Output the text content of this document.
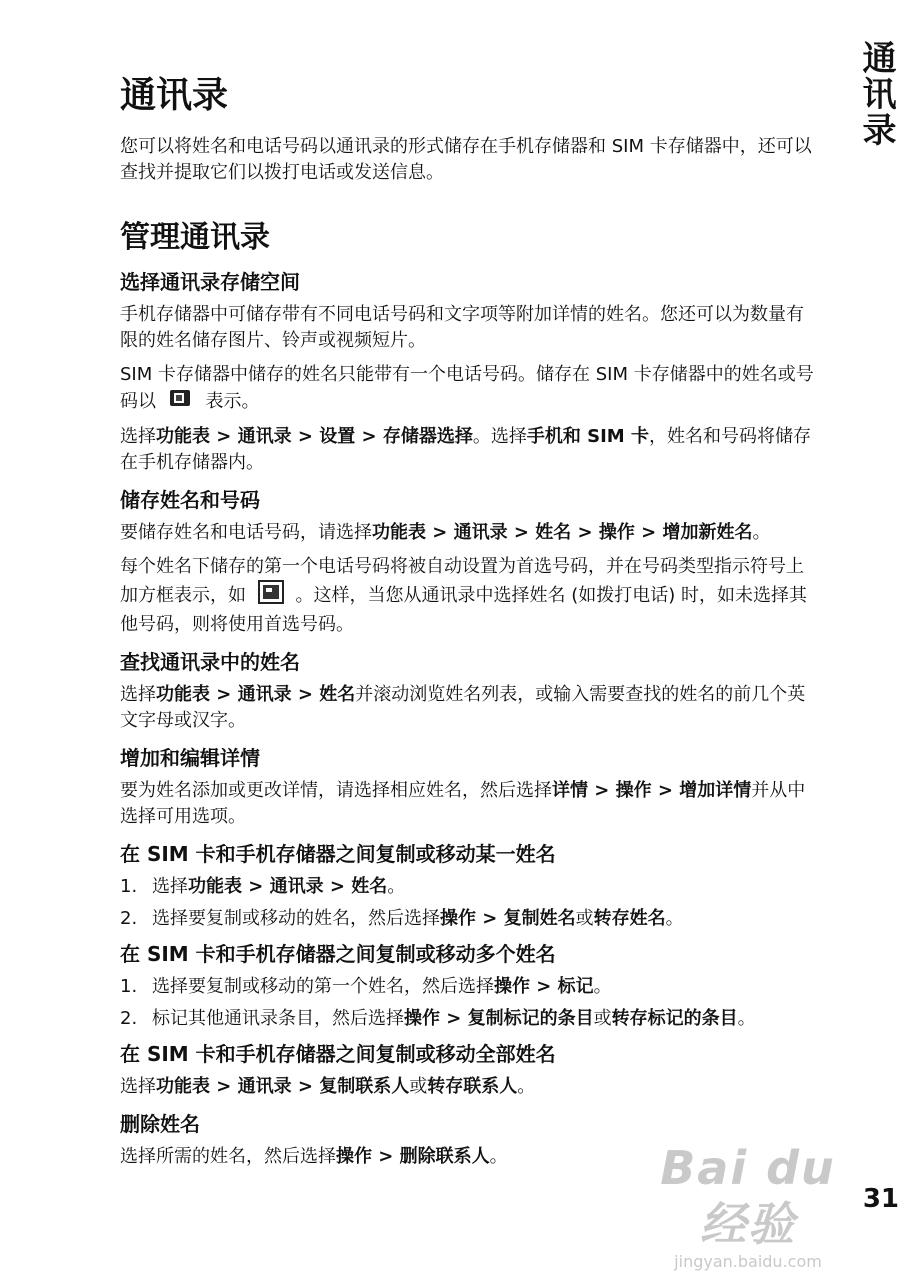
通讯录
通讯录

您可以将姓名和电话号码以通讯录的形式储存在手机存储器和 SIM 卡存储器中，还可以查找并提取它们以拨打电话或发送信息。

管理通讯录
选择通讯录存储空间

手机存储器中可储存带有不同电话号码和文字项等附加详情的姓名。您还可以为数量有限的姓名储存图片、铃声或视频短片。

SIM 卡存储器中储存的姓名只能带有一个电话号码。储存在 SIM 卡存储器中的姓名或号码以	表示。

选择功能表 > 通讯录 > 设置 > 存储器选择。选择手机和 SIM 卡，姓名和号码将储存在手机存储器内。

储存姓名和号码

要储存姓名和电话号码，请选择功能表 > 通讯录 > 姓名 > 操作 > 增加新姓名。

每个姓名下储存的第一个电话号码将被自动设置为首选号码，并在号码类型指示符号上加方框表示，如	。这样，当您从通讯录中选择姓名 (如拨打电话) 时，如未选择其他号码，则将使用首选号码。

查找通讯录中的姓名

选择功能表 > 通讯录 > 姓名并滚动浏览姓名列表，或输入需要查找的姓名的前几个英文字母或汉字。

增加和编辑详情

要为姓名添加或更改详情，请选择相应姓名，然后选择详情 > 操作 > 增加详情并从中选择可用选项。

在 SIM 卡和手机存储器之间复制或移动某一姓名
1. 选择功能表 > 通讯录 > 姓名。
2. 选择要复制或移动的姓名，然后选择操作 > 复制姓名或转存姓名。
在 SIM 卡和手机存储器之间复制或移动多个姓名
1. 选择要复制或移动的第一个姓名，然后选择操作 > 标记。
2. 标记其他通讯录条目，然后选择操作 > 复制标记的条目或转存标记的条目。
在 SIM 卡和手机存储器之间复制或移动全部姓名

选择功能表 > 通讯录 > 复制联系人或转存联系人。

删除姓名

选择所需的姓名，然后选择操作 > 删除联系人。	Bai du 经验
jingyan.baidu.com
31
